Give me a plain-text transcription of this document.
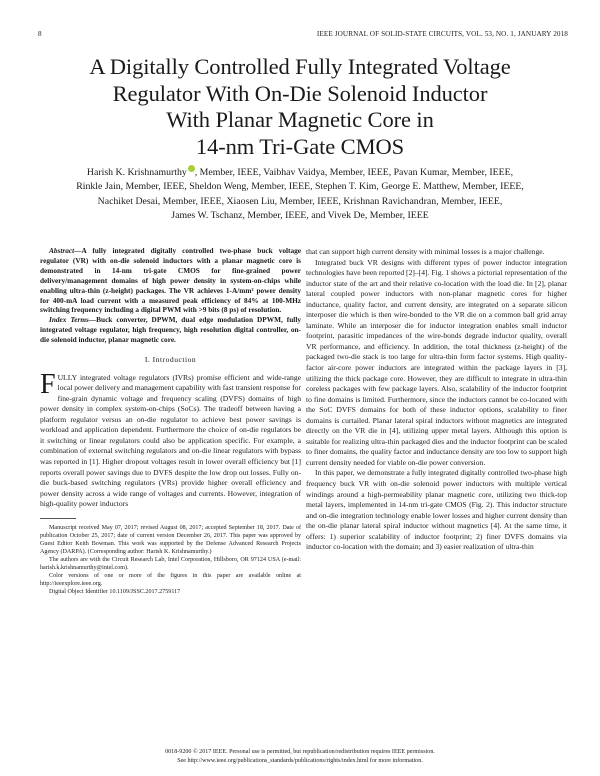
8	IEEE JOURNAL OF SOLID-STATE CIRCUITS, VOL. 53, NO. 1, JANUARY 2018
A Digitally Controlled Fully Integrated Voltage
Regulator With On-Die Solenoid Inductor
With Planar Magnetic Core in
14-nm Tri-Gate CMOS
Harish K. Krishnamurthy , Member, IEEE, Vaibhav Vaidya, Member, IEEE, Pavan Kumar, Member, IEEE,
Rinkle Jain, Member, IEEE, Sheldon Weng, Member, IEEE, Stephen T. Kim, George E. Matthew, Member, IEEE,
Nachiket Desai, Member, IEEE, Xiaosen Liu, Member, IEEE, Krishnan Ravichandran, Member, IEEE,
James W. Tschanz, Member, IEEE, and Vivek De, Member, IEEE

Abstract—A fully integrated digitally controlled two-phase buck voltage regulator (VR) with on-die solenoid inductors with a planar magnetic core is demonstrated in 14-nm tri-gate CMOS for fine-grained power delivery/management domains of high power density in system-on-chips while enabling ultra-thin (z-height) packages. The VR achieves 1-A/mm² power density for 400-mA load current with a measured peak efficiency of 84% at 100-MHz switching frequency including a digital PWM with >9 bits (8 ps) of resolution.

Index Terms—Buck converter, DPWM, dual edge modulation DPWM, fully integrated voltage regulator, high frequency, high resolution digital controller, on-die solenoid inductor, planar magnetic core.

I. Introduction

FULLY integrated voltage regulators (IVRs) promise efficient and wide-range local power delivery and management capability with fast transient response for fine-grain dynamic voltage and frequency scaling (DVFS) domains of high power density in complex system-on-chips (SoCs). The tradeoff between having a platform regulator versus an on-die regulator to achieve best power savings is workload and application dependent. Furthermore the choice of on-die regulators be it switching or linear regulators could also be application specific. For example, a combination of external switching regulators and on-die linear regulators with bypass was reported in [1]. Higher dropout voltages result in lower overall efficiency but [1] reports overall power savings due to DVFS despite the low drop out losses. Fully on-die buck-based switching regulators (VRs) provide higher overall efficiency and power density across a wide range of voltages and currents. However, integration of high-quality power inductors

Manuscript received May 07, 2017; revised August 08, 2017; accepted September 18, 2017. Date of publication October 25, 2017; date of current version December 26, 2017. This paper was approved by Guest Editor Keith Bowman. This work was supported by the Defense Advanced Research Projects Agency (DARPA). (Corresponding author: Harish K. Krishnamurthy.)

The authors are with the Circuit Research Lab, Intel Corporation, Hillsboro, OR 97124 USA (e-mail: harish.k.krishnamurthy@intel.com).

Color versions of one or more of the figures in this paper are available online at http://ieeexplore.ieee.org.

Digital Object Identifier 10.1109/JSSC.2017.2759117

that can support high current density with minimal losses is a major challenge.

Integrated buck VR designs with different types of power inductor integration technologies have been reported [2]–[4]. Fig. 1 shows a pictorial representation of the inductor state of the art and their relative co-location with the load die. In [2], planar lateral coupled power inductors with non-planar magnetic cores for higher inductance, quality factor, and current density, are integrated on a separate silicon interposer die which is then wire-bonded to the VR die on a common ball grid array laminate. While an interposer die for inductor integration enables small inductor footprint, parasitic impedances of the wire-bonds degrade inductor quality, overall VR performance, and efficiency. In addition, the total thickness (z-height) of the packaged two-die stack is too large for ultra-thin form factor systems. High quality-factor air-core power inductors are integrated within the package layers in [3], utilizing the thick package core. However, they are difficult to integrate in ultra-thin coreless packages with few package layers. Also, scalability of the inductor footprint to fine domains is limited. Furthermore, since the inductors cannot be co-located with the SoC DVFS domains for both of these inductor options, scalability to finer domains is curtailed. Planar lateral spiral inductors without magnetics are integrated directly on the VR die in [4], utilizing upper metal layers. Although this option is suitable for realizing ultra-thin packaged dies and the inductor footprint can be scaled to finer domains, the quality factor and inductance density are too low to support high current density needed for viable on-die power conversion.

In this paper, we demonstrate a fully integrated digitally controlled two-phase high frequency buck VR with on-die solenoid power inductors with multiple vertical windings around a high-permeability planar magnetic core, utilizing two thick-top metal layers, implemented in 14-nm tri-gate CMOS (Fig. 2). This inductor structure and on-die integration technology enable lower losses and higher current density than the on-die planar lateral spiral inductor without magnetics [4]. At the same time, it offers: 1) superior scalability of inductor footprint; 2) finer DVFS domains via inductor co-location with the domain; and 3) easier realization of ultra-thin

0018-9200 © 2017 IEEE. Personal use is permitted, but republication/redistribution requires IEEE permission.
See http://www.ieee.org/publications_standards/publications/rights/index.html for more information.
